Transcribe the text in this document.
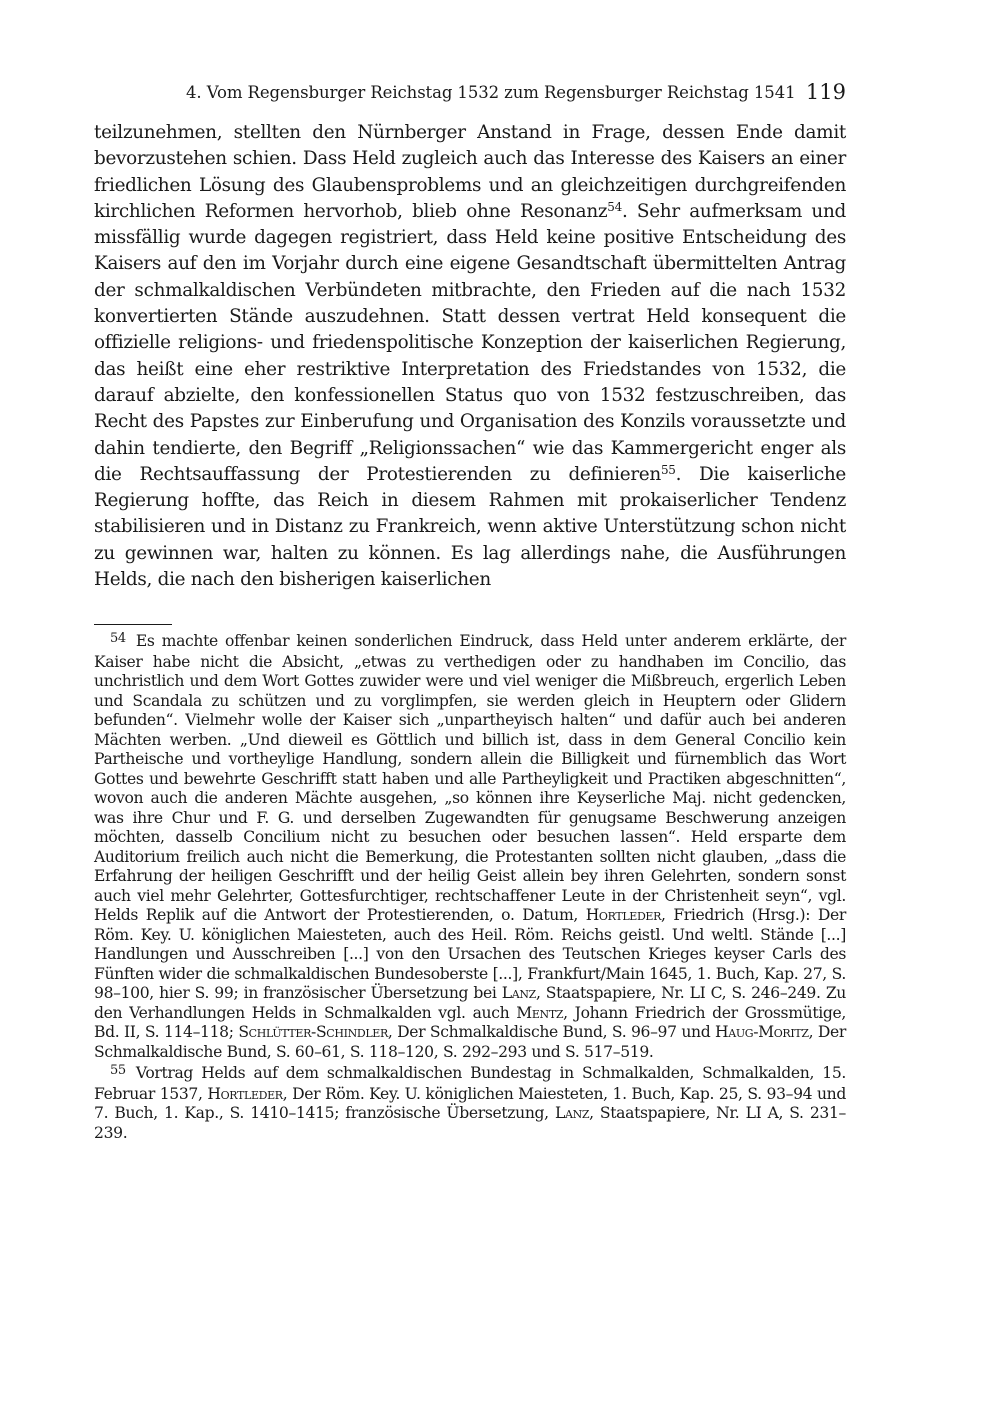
4. Vom Regensburger Reichstag 1532 zum Regensburger Reichstag 1541 119

teilzunehmen, stellten den Nürnberger Anstand in Frage, dessen Ende damit bevorzustehen schien. Dass Held zugleich auch das Interesse des Kaisers an einer friedlichen Lösung des Glaubensproblems und an gleichzeitigen durchgreifenden kirchlichen Reformen hervorhob, blieb ohne Resonanz$^{54}$. Sehr aufmerksam und missfällig wurde dagegen registriert, dass Held keine positive Entscheidung des Kaisers auf den im Vorjahr durch eine eigene Gesandtschaft übermittelten Antrag der schmalkaldischen Verbündeten mitbrachte, den Frieden auf die nach 1532 konvertierten Stände auszudehnen. Statt dessen vertrat Held konsequent die offizielle religions- und friedenspolitische Konzeption der kaiserlichen Regierung, das heißt eine eher restriktive Interpretation des Friedstandes von 1532, die darauf abzielte, den konfessionellen Status quo von 1532 festzuschreiben, das Recht des Papstes zur Einberufung und Organisation des Konzils voraussetzte und dahin tendierte, den Begriff „Religionssachen“ wie das Kammergericht enger als die Rechtsauffassung der Protestierenden zu definieren$^{55}$. Die kaiserliche Regierung hoffte, das Reich in diesem Rahmen mit prokaiserlicher Tendenz stabilisieren und in Distanz zu Frankreich, wenn aktive Unterstützung schon nicht zu gewinnen war, halten zu können. Es lag allerdings nahe, die Ausführungen Helds, die nach den bisherigen kaiserlichen

$^{54}$ Es machte offenbar keinen sonderlichen Eindruck, dass Held unter anderem erklärte, der Kaiser habe nicht die Absicht, „etwas zu verthedigen oder zu handhaben im Concilio, das unchristlich und dem Wort Gottes zuwider were und viel weniger die Mißbreuch, ergerlich Leben und Scandala zu schützen und zu vorglimpfen, sie werden gleich in Heuptern oder Glidern befunden“. Vielmehr wolle der Kaiser sich „unpartheyisch halten“ und dafür auch bei anderen Mächten werben. „Und dieweil es Göttlich und billich ist, dass in dem General Concilio kein Partheische und vortheylige Handlung, sondern allein die Billigkeit und fürnemblich das Wort Gottes und bewehrte Geschrifft statt haben und alle Partheyligkeit und Practiken abgeschnitten“, wovon auch die anderen Mächte ausgehen, „so können ihre Keyserliche Maj. nicht gedencken, was ihre Chur und F. G. und derselben Zugewandten für genugsame Beschwerung anzeigen möchten, dasselb Concilium nicht zu besuchen oder besuchen lassen“. Held ersparte dem Auditorium freilich auch nicht die Bemerkung, die Protestanten sollten nicht glauben, „dass die Erfahrung der heiligen Geschrifft und der heilig Geist allein bey ihren Gelehrten, sondern sonst auch viel mehr Gelehrter, Gottesfurchtiger, rechtschaffener Leute in der Christenheit seyn“, vgl. Helds Replik auf die Antwort der Protestierenden, o. Datum, Hortleder, Friedrich (Hrsg.): Der Röm. Key. U. königlichen Maiesteten, auch des Heil. Röm. Reichs geistl. Und weltl. Stände [...] Handlungen und Ausschreiben [...] von den Ursachen des Teutschen Krieges keyser Carls des Fünften wider die schmalkaldischen Bundesoberste [...], Frankfurt/Main 1645, 1. Buch, Kap. 27, S. 98–100, hier S. 99; in französischer Übersetzung bei Lanz, Staatspapiere, Nr. LI C, S. 246–249. Zu den Verhandlungen Helds in Schmalkalden vgl. auch Mentz, Johann Friedrich der Grossmütige, Bd. II, S. 114–118; Schlütter-Schindler, Der Schmalkaldische Bund, S. 96–97 und Haug-Moritz, Der Schmalkaldische Bund, S. 60–61, S. 118–120, S. 292–293 und S. 517–519.

$^{55}$ Vortrag Helds auf dem schmalkaldischen Bundestag in Schmalkalden, Schmalkalden, 15. Februar 1537, Hortleder, Der Röm. Key. U. königlichen Maiesteten, 1. Buch, Kap. 25, S. 93–94 und 7. Buch, 1. Kap., S. 1410–1415; französische Übersetzung, Lanz, Staatspapiere, Nr. LI A, S. 231–239.
